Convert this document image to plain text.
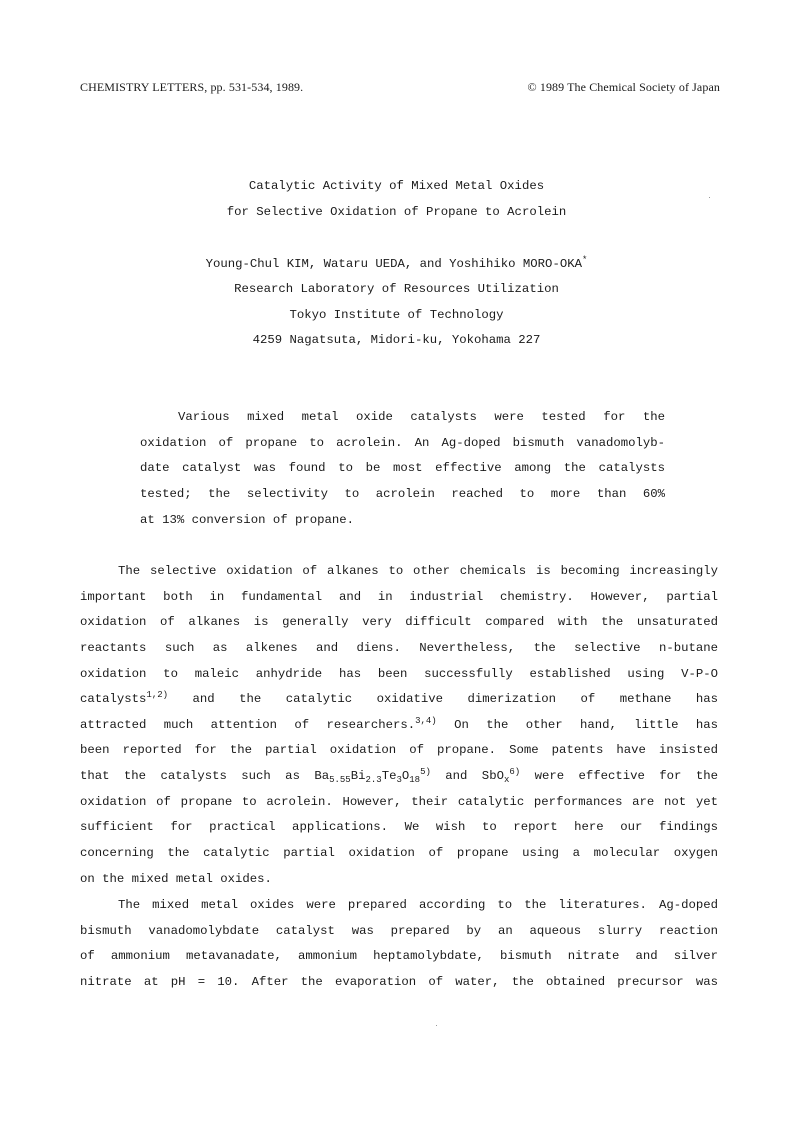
CHEMISTRY LETTERS, pp. 531-534, 1989.	© 1989 The Chemical Society of Japan
Catalytic Activity of Mixed Metal Oxides
for Selective Oxidation of Propane to Acrolein
Young-Chul KIM, Wataru UEDA, and Yoshihiko MORO-OKA*
Research Laboratory of Resources Utilization
Tokyo Institute of Technology
4259 Nagatsuta, Midori-ku, Yokohama 227
Various mixed metal oxide catalysts were tested for the
oxidation of propane to acrolein. An Ag-doped bismuth vanadomolyb-
date catalyst was found to be most effective among the catalysts
tested; the selectivity to acrolein reached to more than 60%
at 13% conversion of propane.
The selective oxidation of alkanes to other chemicals is becoming increasingly
important both in fundamental and in industrial chemistry. However, partial
oxidation of alkanes is generally very difficult compared with the unsaturated
reactants such as alkenes and diens. Nevertheless, the selective n-butane
oxidation to maleic anhydride has been successfully established using V-P-O
catalysts$^{1,2)}$ and the catalytic oxidative dimerization of methane has
attracted much attention of researchers.$^{3,4)}$ On the other hand, little has
been reported for the partial oxidation of propane. Some patents have insisted
that the catalysts such as $Ba_{5.55}Bi_{2.3}Te_3O_{18}^{5)}$ and SbO$_x^{6)}$ were effective for the
oxidation of propane to acrolein. However, their catalytic performances are not yet
sufficient for practical applications. We wish to report here our findings
concerning the catalytic partial oxidation of propane using a molecular oxygen
on the mixed metal oxides.
The mixed metal oxides were prepared according to the literatures. Ag-doped
bismuth vanadomolybdate catalyst was prepared by an aqueous slurry reaction
of ammonium metavanadate, ammonium heptamolybdate, bismuth nitrate and silver
nitrate at pH = 10. After the evaporation of water, the obtained precursor was
